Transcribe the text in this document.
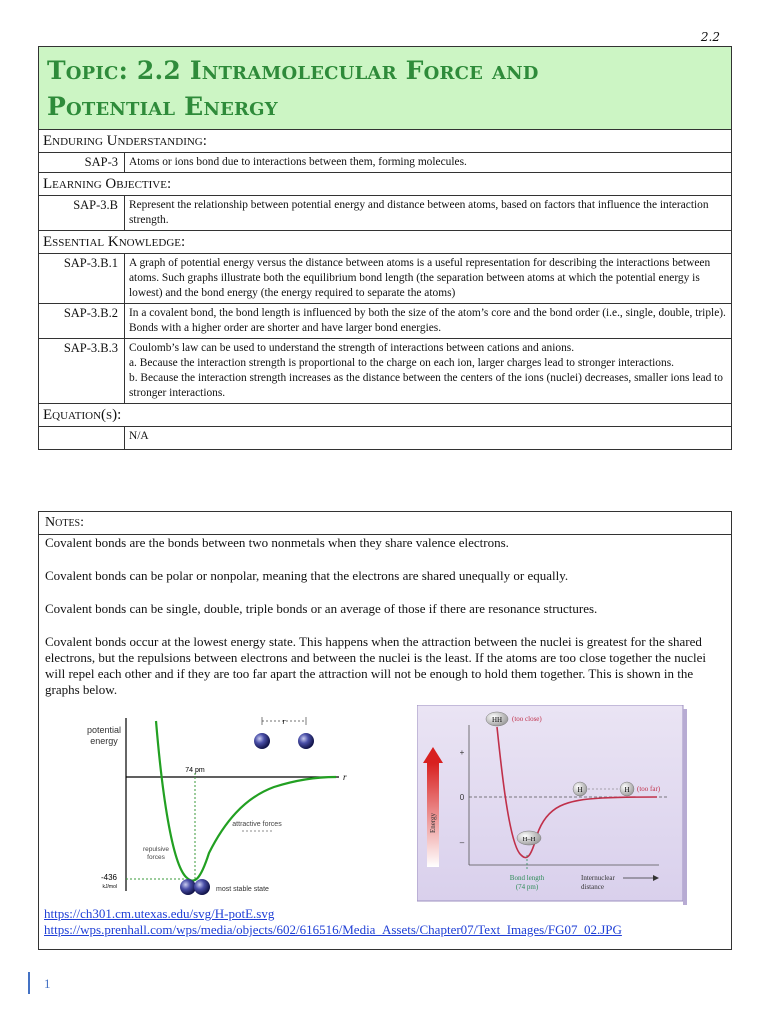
2.2
Topic: 2.2 Intramolecular Force and
Potential Energy	

Enduring Understanding:	
SAP-3	Atoms or ions bond due to interactions between them, forming molecules.
Learning Objective:	
SAP-3.B	Represent the relationship between potential energy and distance between atoms, based on factors that influence the interaction strength.
Essential Knowledge:	
SAP-3.B.1	A graph of potential energy versus the distance between atoms is a useful representation for describing the interactions between atoms. Such graphs illustrate both the equilibrium bond length (the separation between atoms at which the potential energy is lowest) and the bond energy (the energy required to separate the atoms)
SAP-3.B.2	In a covalent bond, the bond length is influenced by both the size of the atom’s core and the bond order (i.e., single, double, triple). Bonds with a higher order are shorter and have larger bond energies.
SAP-3.B.3	Coulomb’s law can be used to understand the strength of interactions between cations and anions.
a. Because the interaction strength is proportional to the charge on each ion, larger charges lead to stronger interactions.
b. Because the interaction strength increases as the distance between the centers of the ions (nuclei) decreases, smaller ions lead to stronger interactions.

Equation(s):	
	N/A
Notes:

Covalent bonds are the bonds between two nonmetals when they share valence electrons.

Covalent bonds can be polar or nonpolar, meaning that the electrons are shared unequally or equally.

Covalent bonds can be single, double, triple bonds or an average of those if there are resonance structures.

Covalent bonds occur at the lowest energy state. This happens when the attraction between the nuclei is greatest for the shared electrons, but the repulsions between electrons and between the nuclei is the least. If the atoms are too close together the nuclei will repel each other and if they are too far apart the attraction will not be enough to hold them together. This is shown in the graphs below.

potential
energy
r
74 pm
attractive forces
repulsive
forces
-436
kJ/mol	most stable state
r
Energy
+
0
–
HH (too close)
H	H (too far)
H–H
Bond length
(74 pm)
Internuclear
distance
https://ch301.cm.utexas.edu/svg/H-potE.svg
https://wps.prenhall.com/wps/media/objects/602/616516/Media_Assets/Chapter07/Text_Images/FG07_02.JPG
1
